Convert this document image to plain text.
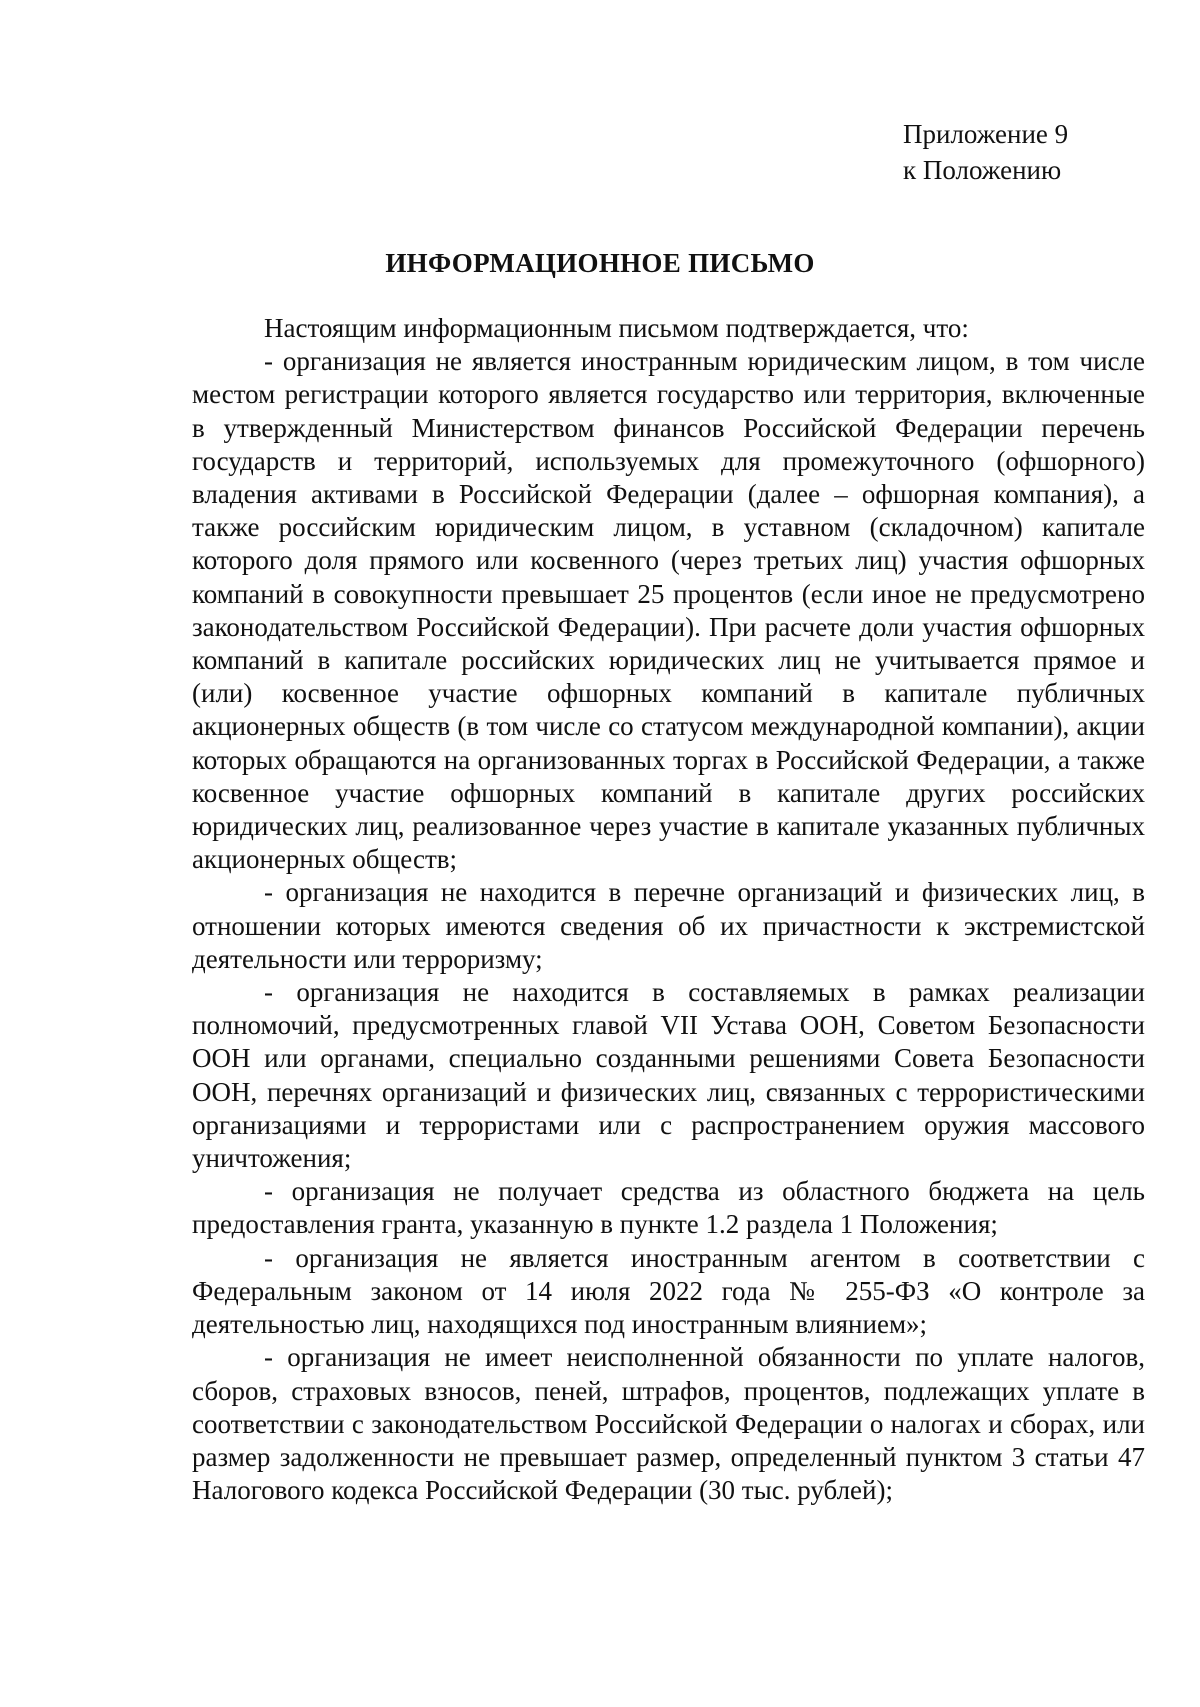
Приложение 9
к Положению
ИНФОРМАЦИОННОЕ ПИСЬМО

Настоящим информационным письмом подтверждается, что:

- организация не является иностранным юридическим лицом, в том числе местом регистрации которого является государство или территория, включенные в утвержденный Министерством финансов Российской Федерации перечень государств и территорий, используемых для промежуточного (офшорного) владения активами в Российской Федерации (далее – офшорная компания), а также российским юридическим лицом, в уставном (складочном) капитале которого доля прямого или косвенного (через третьих лиц) участия офшорных компаний в совокупности превышает 25 процентов (если иное не предусмотрено законодательством Российской Федерации). При расчете доли участия офшорных компаний в капитале российских юридических лиц не учитывается прямое и (или) косвенное участие офшорных компаний в капитале публичных акционерных обществ (в том числе со статусом международной компании), акции которых обращаются на организованных торгах в Российской Федерации, а также косвенное участие офшорных компаний в капитале других российских юридических лиц, реализованное через участие в капитале указанных публичных акционерных обществ;

- организация не находится в перечне организаций и физических лиц, в отношении которых имеются сведения об их причастности к экстремистской деятельности или терроризму;

- организация не находится в составляемых в рамках реализации полномочий, предусмотренных главой VII Устава ООН, Советом Безопасности ООН или органами, специально созданными решениями Совета Безопасности ООН, перечнях организаций и физических лиц, связанных с террористическими организациями и террористами или с распространением оружия массового уничтожения;

- организация не получает средства из областного бюджета на цель предоставления гранта, указанную в пункте 1.2 раздела 1 Положения;

- организация не является иностранным агентом в соответствии с Федеральным законом от 14 июля 2022 года № 255-ФЗ «О контроле за деятельностью лиц, находящихся под иностранным влиянием»;

- организация не имеет неисполненной обязанности по уплате налогов, сборов, страховых взносов, пеней, штрафов, процентов, подлежащих уплате в соответствии с законодательством Российской Федерации о налогах и сборах, или размер задолженности не превышает размер, определенный пунктом 3 статьи 47 Налогового кодекса Российской Федерации (30 тыс. рублей);
